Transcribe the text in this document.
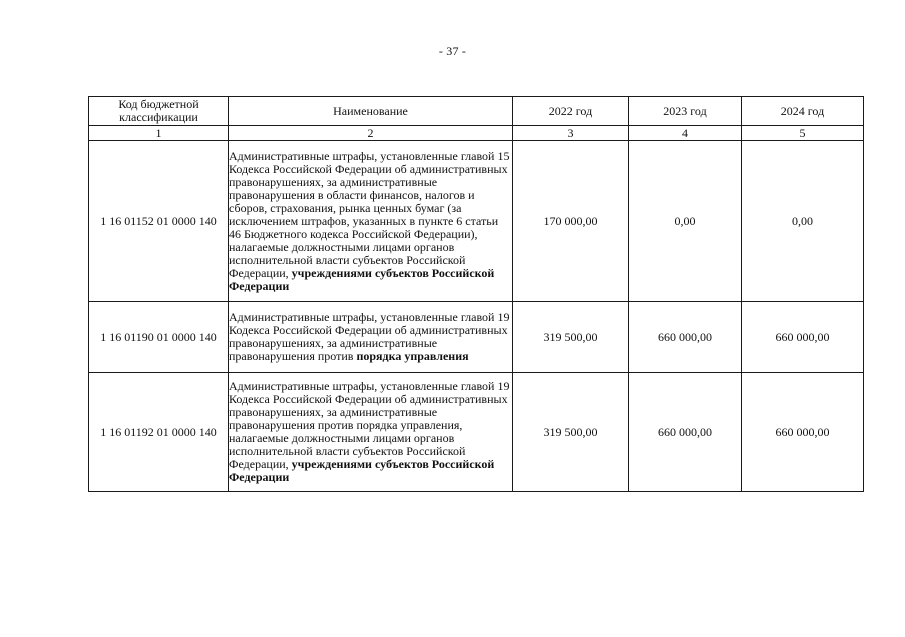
- 37 -
Код бюджетной классификации	Наименование	2022 год	2023 год	2024 год
1	2	3	4	5
1 16 01152 01 0000 140	Административные штрафы, установленные главой 15 Кодекса Российской Федерации об административных правонарушениях, за административные правонарушения в области финансов, налогов и сборов, страхования, рынка ценных бумаг (за исключением штрафов, указанных в пункте 6 статьи 46 Бюджетного кодекса Российской Федерации), налагаемые должностными лицами органов исполнительной власти субъектов Российской Федерации, учреждениями субъектов Российской Федерации	170 000,00	0,00	0,00
1 16 01190 01 0000 140	Административные штрафы, установленные главой 19 Кодекса Российской Федерации об административных правонарушениях, за административные правонарушения против порядка управления	319 500,00	660 000,00	660 000,00
1 16 01192 01 0000 140	Административные штрафы, установленные главой 19 Кодекса Российской Федерации об административных правонарушениях, за административные правонарушения против порядка управления, налагаемые должностными лицами органов исполнительной власти субъектов Российской Федерации, учреждениями субъектов Российской Федерации	319 500,00	660 000,00	660 000,00
